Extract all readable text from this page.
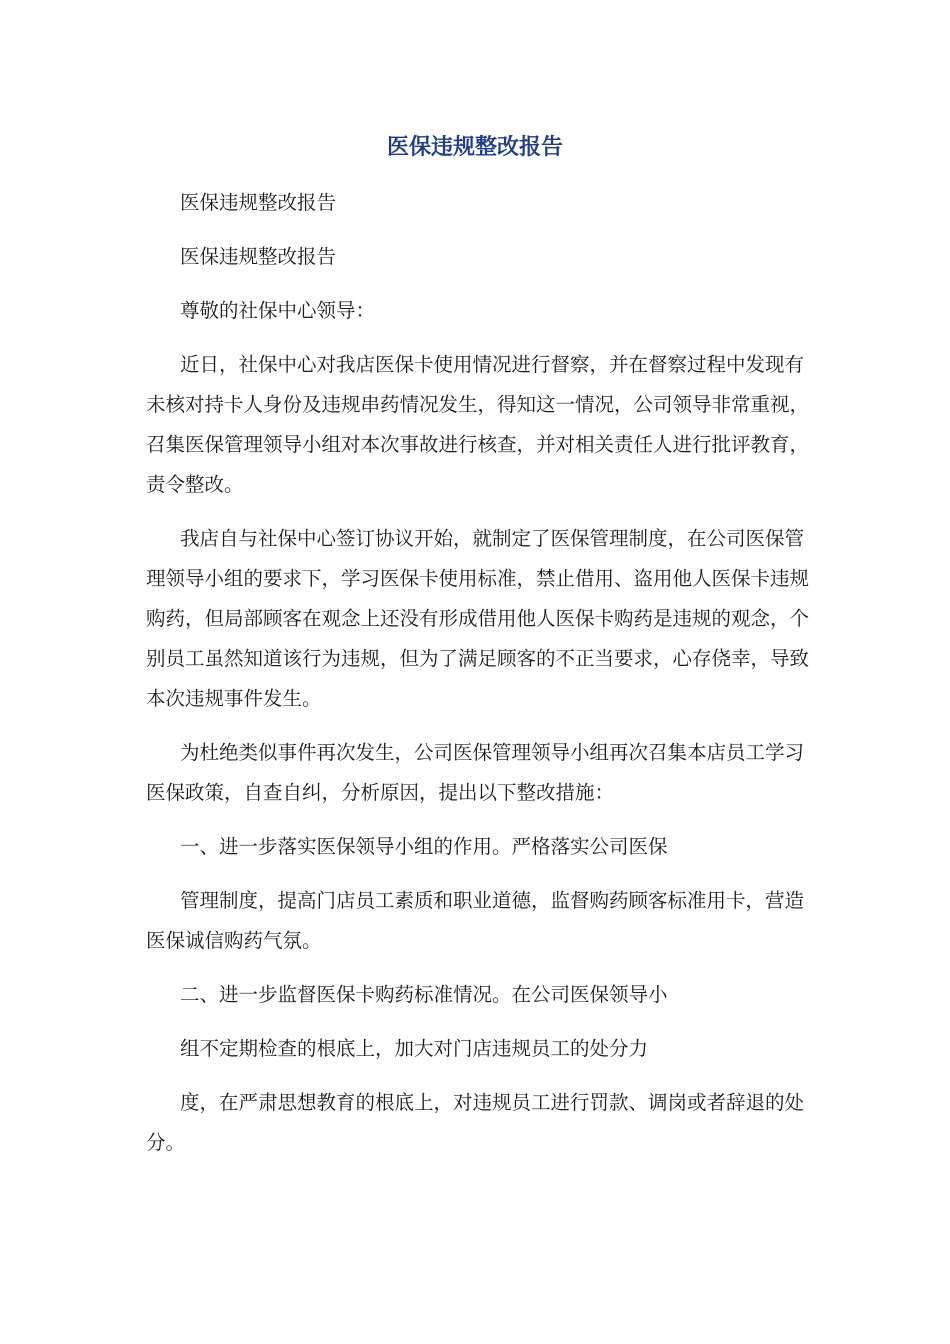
医保违规整改报告

医保违规整改报告

医保违规整改报告

尊敬的社保中心领导：

近日，社保中心对我店医保卡使用情况进行督察，并在督察过程中发现有未核对持卡人身份及违规串药情况发生，得知这一情况，公司领导非常重视，召集医保管理领导小组对本次事故进行核查，并对相关责任人进行批评教育，责令整改。

我店自与社保中心签订协议开始，就制定了医保管理制度，在公司医保管理领导小组的要求下，学习医保卡使用标准，禁止借用、盗用他人医保卡违规购药，但局部顾客在观念上还没有形成借用他人医保卡购药是违规的观念，个别员工虽然知道该行为违规，但为了满足顾客的不正当要求，心存侥幸，导致本次违规事件发生。

为杜绝类似事件再次发生，公司医保管理领导小组再次召集本店员工学习医保政策，自查自纠，分析原因，提出以下整改措施：

一、进一步落实医保领导小组的作用。严格落实公司医保

管理制度，提高门店员工素质和职业道德，监督购药顾客标准用卡，营造医保诚信购药气氛。

二、进一步监督医保卡购药标准情况。在公司医保领导小

组不定期检查的根底上，加大对门店违规员工的处分力

度，在严肃思想教育的根底上，对违规员工进行罚款、调岗或者辞退的处分。
